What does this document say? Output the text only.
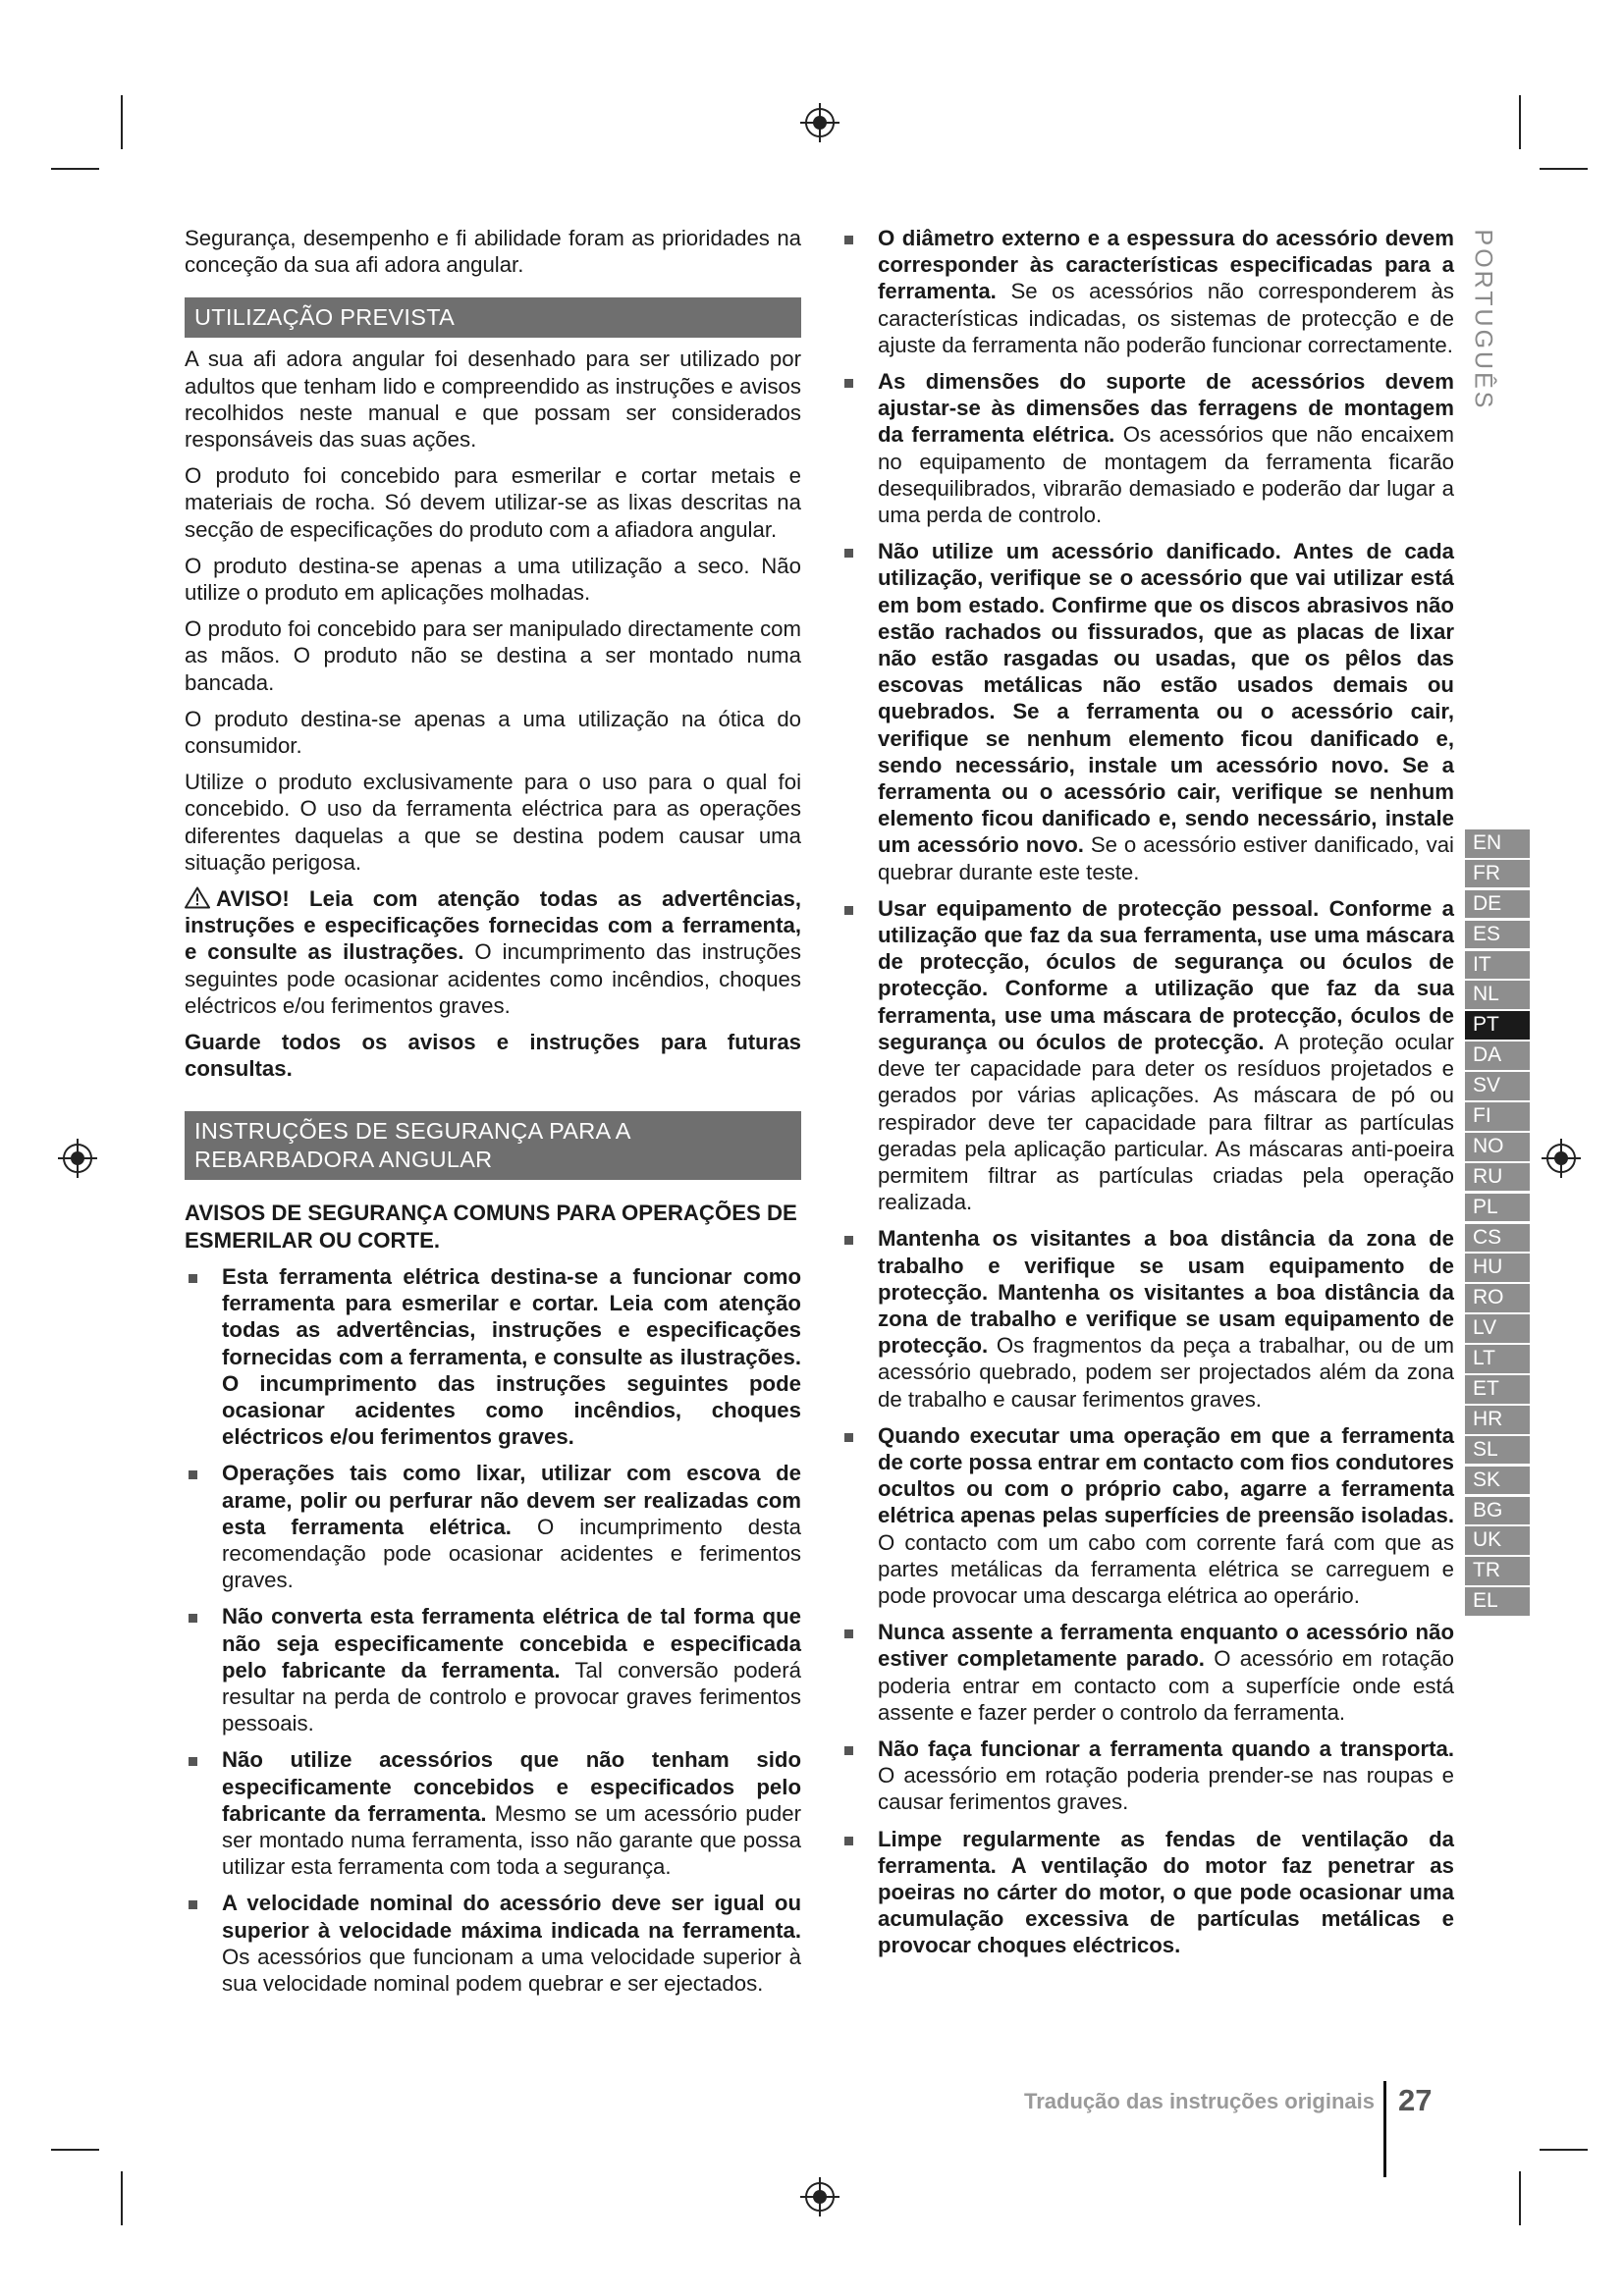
Segurança, desempenho e fi abilidade foram as prioridades na conceção da sua afi adora angular.

UTILIZAÇÃO PREVISTA

A sua afi adora angular foi desenhado para ser utilizado por adultos que tenham lido e compreendido as instruções e avisos recolhidos neste manual e que possam ser considerados responsáveis das suas ações.

O produto foi concebido para esmerilar e cortar metais e materiais de rocha. Só devem utilizar-se as lixas descritas na secção de especificações do produto com a afiadora angular.

O produto destina-se apenas a uma utilização a seco. Não utilize o produto em aplicações molhadas.

O produto foi concebido para ser manipulado directamente com as mãos. O produto não se destina a ser montado numa bancada.

O produto destina-se apenas a uma utilização na ótica do consumidor.

Utilize o produto exclusivamente para o uso para o qual foi concebido. O uso da ferramenta eléctrica para as operações diferentes daquelas a que se destina podem causar uma situação perigosa.

AVISO! Leia com atenção todas as advertências, instruções e especificações fornecidas com a ferramenta, e consulte as ilustrações. O incumprimento das instruções seguintes pode ocasionar acidentes como incêndios, choques eléctricos e/ou ferimentos graves.

Guarde todos os avisos e instruções para futuras consultas.

INSTRUÇÕES DE SEGURANÇA PARA A
REBARBADORA ANGULAR
AVISOS DE SEGURANÇA COMUNS PARA OPERAÇÕES DE ESMERILAR OU CORTE.
Esta ferramenta elétrica destina-se a funcionar como ferramenta para esmerilar e cortar. Leia com atenção todas as advertências, instruções e especificações fornecidas com a ferramenta, e consulte as ilustrações. O incumprimento das instruções seguintes pode ocasionar acidentes como incêndios, choques eléctricos e/ou ferimentos graves.
Operações tais como lixar, utilizar com escova de arame, polir ou perfurar não devem ser realizadas com esta ferramenta elétrica. O incumprimento desta recomendação pode ocasionar acidentes e ferimentos graves.
Não converta esta ferramenta elétrica de tal forma que não seja especificamente concebida e especificada pelo fabricante da ferramenta. Tal conversão poderá resultar na perda de controlo e provocar graves ferimentos pessoais.
Não utilize acessórios que não tenham sido especificamente concebidos e especificados pelo fabricante da ferramenta. Mesmo se um acessório puder ser montado numa ferramenta, isso não garante que possa utilizar esta ferramenta com toda a segurança.
A velocidade nominal do acessório deve ser igual ou superior à velocidade máxima indicada na ferramenta. Os acessórios que funcionam a uma velocidade superior à sua velocidade nominal podem quebrar e ser ejectados.
O diâmetro externo e a espessura do acessório devem corresponder às características especificadas para a ferramenta. Se os acessórios não corresponderem às características indicadas, os sistemas de protecção e de ajuste da ferramenta não poderão funcionar correctamente.
As dimensões do suporte de acessórios devem ajustar-se às dimensões das ferragens de montagem da ferramenta elétrica. Os acessórios que não encaixem no equipamento de montagem da ferramenta ficarão desequilibrados, vibrarão demasiado e poderão dar lugar a uma perda de controlo.
Não utilize um acessório danificado. Antes de cada utilização, verifique se o acessório que vai utilizar está em bom estado. Confirme que os discos abrasivos não estão rachados ou fissurados, que as placas de lixar não estão rasgadas ou usadas, que os pêlos das escovas metálicas não estão usados demais ou quebrados. Se a ferramenta ou o acessório cair, verifique se nenhum elemento ficou danificado e, sendo necessário, instale um acessório novo. Se a ferramenta ou o acessório cair, verifique se nenhum elemento ficou danificado e, sendo necessário, instale um acessório novo. Se o acessório estiver danificado, vai quebrar durante este teste.
Usar equipamento de protecção pessoal. Conforme a utilização que faz da sua ferramenta, use uma máscara de protecção, óculos de segurança ou óculos de protecção. Conforme a utilização que faz da sua ferramenta, use uma máscara de protecção, óculos de segurança ou óculos de protecção. A proteção ocular deve ter capacidade para deter os resíduos projetados e gerados por várias aplicações. As máscara de pó ou respirador deve ter capacidade para filtrar as partículas geradas pela aplicação particular. As máscaras anti-poeira permitem filtrar as partículas criadas pela operação realizada.
Mantenha os visitantes a boa distância da zona de trabalho e verifique se usam equipamento de protecção. Mantenha os visitantes a boa distância da zona de trabalho e verifique se usam equipamento de protecção. Os fragmentos da peça a trabalhar, ou de um acessório quebrado, podem ser projectados além da zona de trabalho e causar ferimentos graves.
Quando executar uma operação em que a ferramenta de corte possa entrar em contacto com fios condutores ocultos ou com o próprio cabo, agarre a ferramenta elétrica apenas pelas superfícies de preensão isoladas. O contacto com um cabo com corrente fará com que as partes metálicas da ferramenta elétrica se carreguem e pode provocar uma descarga elétrica ao operário.
Nunca assente a ferramenta enquanto o acessório não estiver completamente parado. O acessório em rotação poderia entrar em contacto com a superfície onde está assente e fazer perder o controlo da ferramenta.
Não faça funcionar a ferramenta quando a transporta. O acessório em rotação poderia prender-se nas roupas e causar ferimentos graves.
Limpe regularmente as fendas de ventilação da ferramenta. A ventilação do motor faz penetrar as poeiras no cárter do motor, o que pode ocasionar uma acumulação excessiva de partículas metálicas e provocar choques eléctricos.
PORTUGUÊS
EN
FR
DE
ES
IT
NL
PT
DA
SV
FI
NO
RU
PL
CS
HU
RO
LV
LT
ET
HR
SL
SK
BG
UK
TR
EL
Tradução das instruções originais 27
